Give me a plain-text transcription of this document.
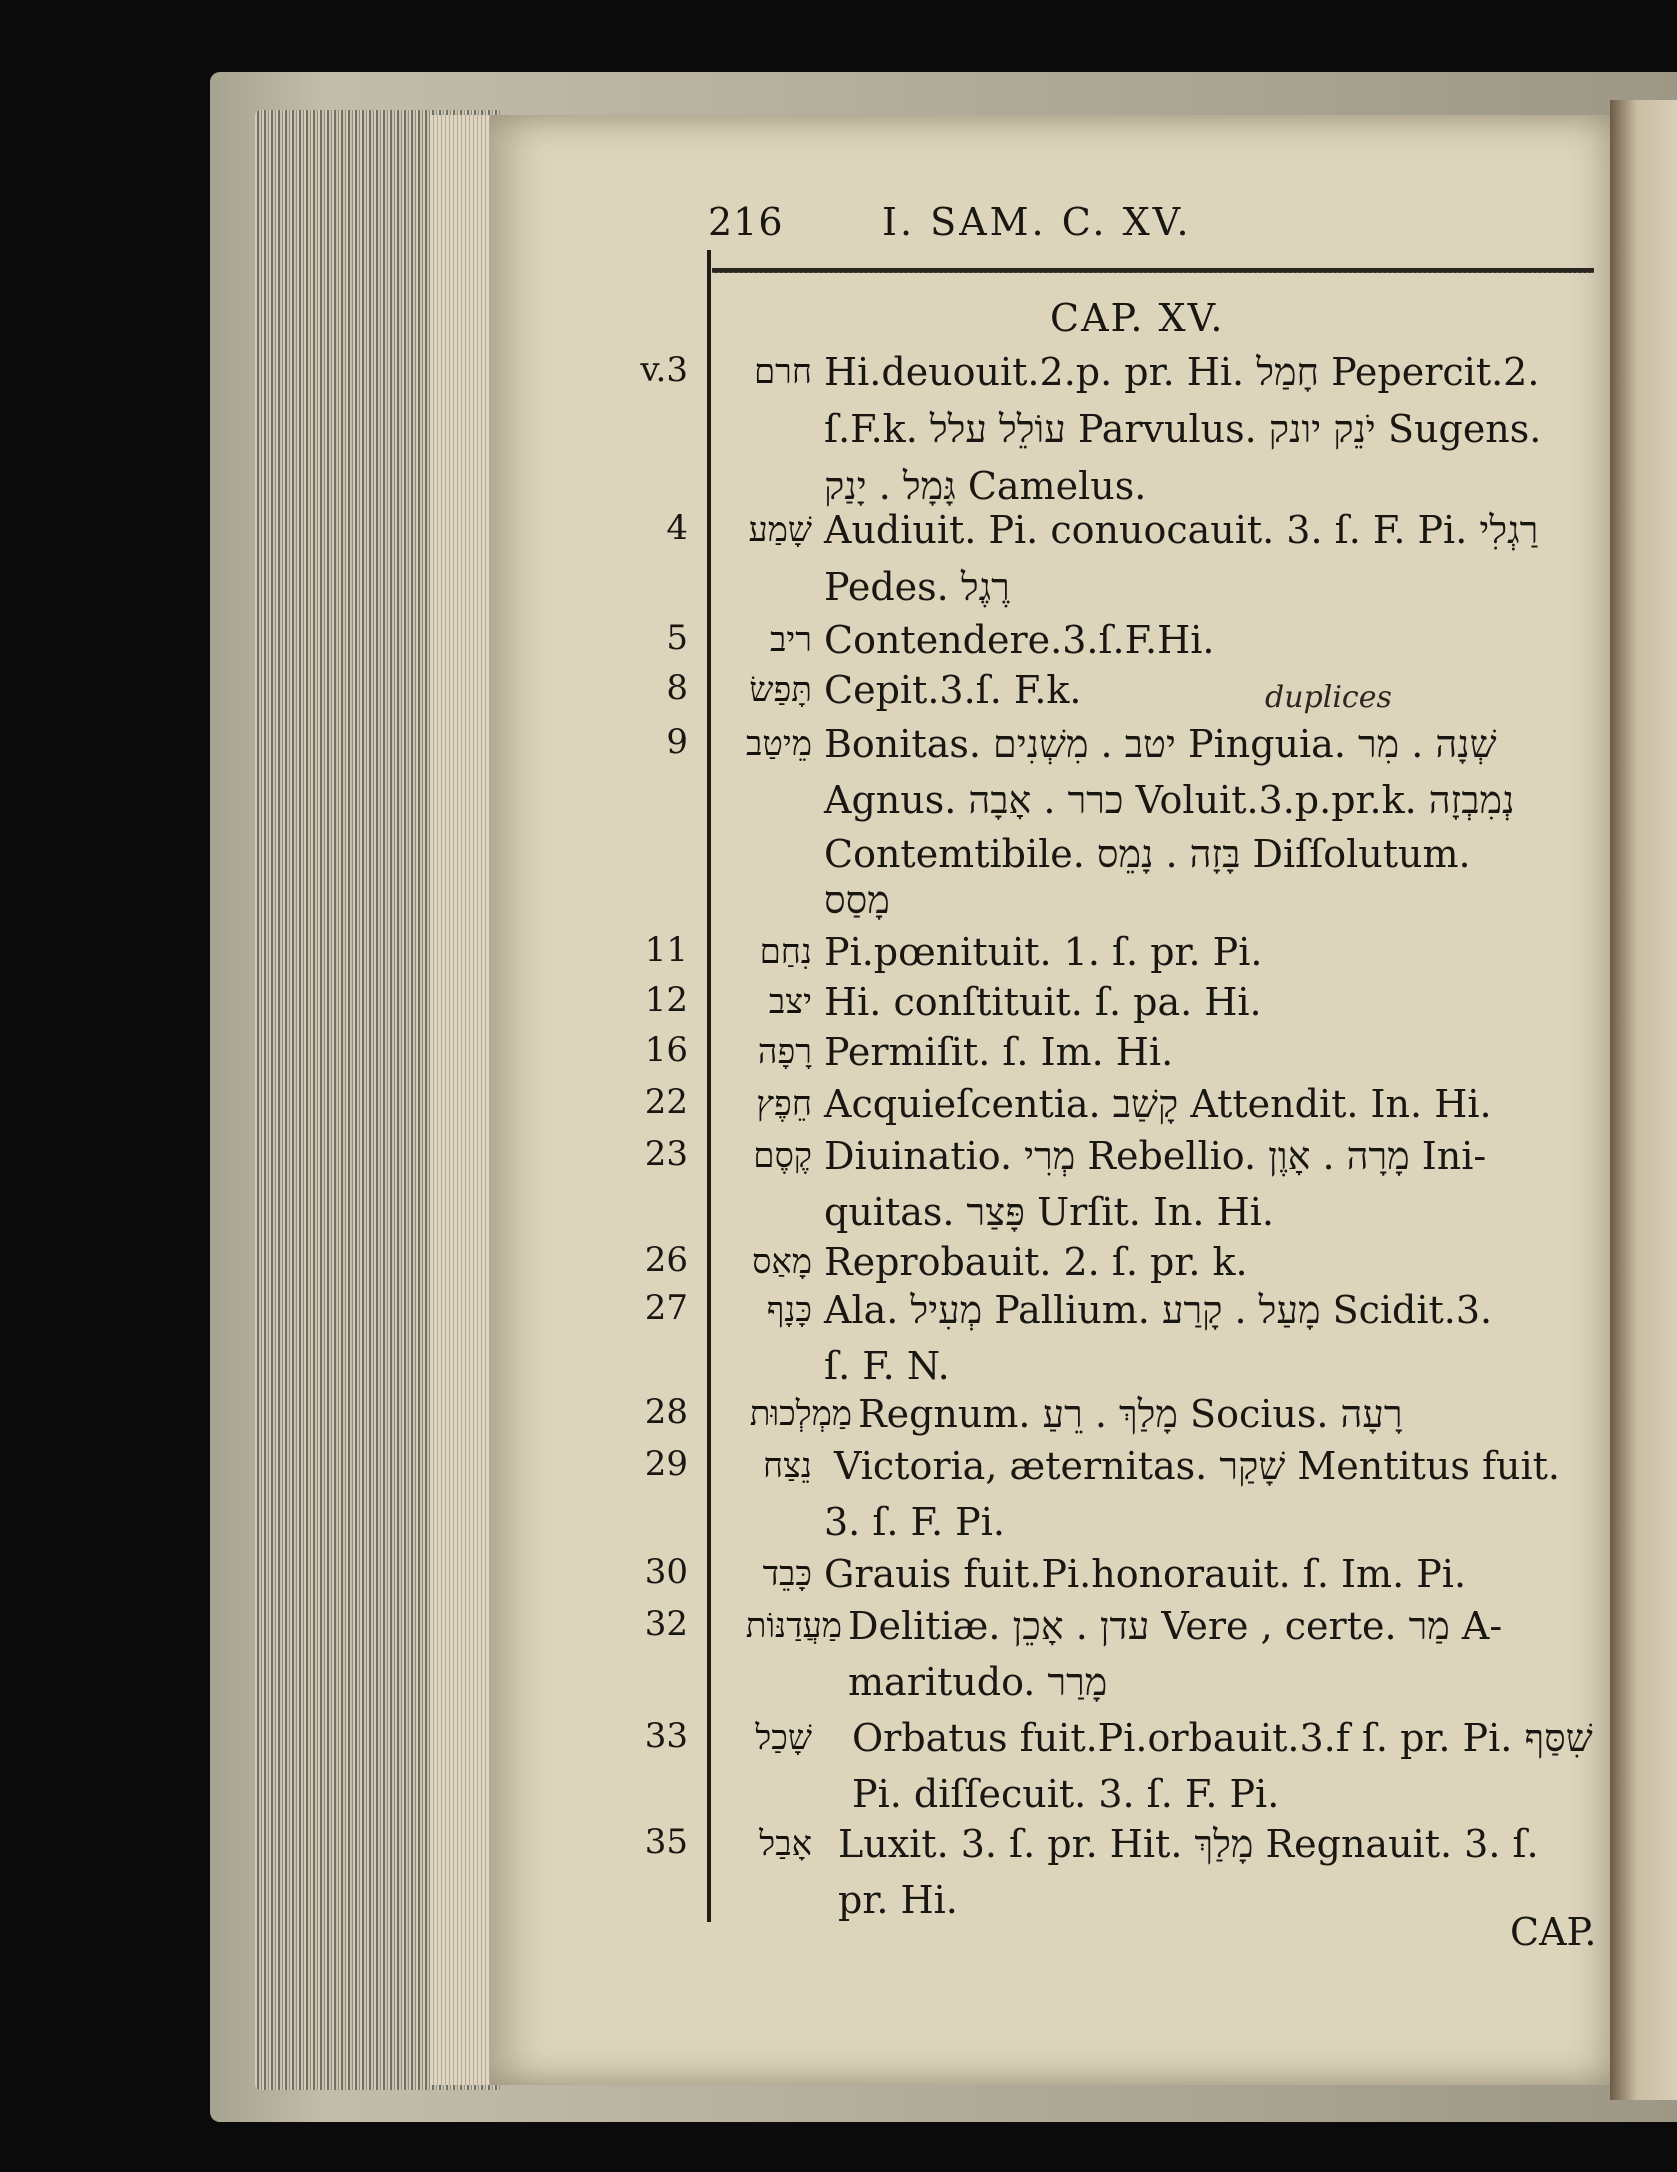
216	I. SAM. C. XV.
CAP. XV.
duplices
v.3	חרם Hi.deuouit.2.p. pr. Hi. חָמַל Pepercit.2.
ſ.F.k. עוֹלֵל עלל Parvulus. יֹנֵק יונק Sugens.
גָּמָל . יָנַק Camelus.
4	שָׁמַע Audiuit. Pi. conuocauit. 3. ſ. F. Pi. רַגְלִי
Pedes. רֶגֶל
5	ריב Contendere.3.ſ.F.Hi.
8	תָּפַשׂ Cepit.3.ſ. F.k.
9	מֵיטַב Bonitas. יטב . מִשְׁנִים Pinguia. שְׁנָה . מִר
Agnus. כרר . אָבָה Voluit.3.p.pr.k. נְמִבְזָה
Contemtibile. בָּזָה . נָמֵס Diſſolutum.
מָסַס
11	נִחַם Pi.pœnituit. 1. ſ. pr. Pi.
12	יצב Hi. conſtituit. ſ. pa. Hi.
16	רָפָה Permiſit. ſ. Im. Hi.
22	חֵפֶץ Acquieſcentia. קָשַׁב Attendit. In. Hi.
23	קֶסֶם Diuinatio. מְרִי Rebellio. מָרָה . אָוֶן Ini-
quitas. פָּצַר Urſit. In. Hi.
26	מָאַס Reprobauit. 2. ſ. pr. k.
27	כָּנָף Ala. מְעִיל Pallium. מָעַל . קָרַע Scidit.3.
ſ. F. N.
28	מַמְלְכוּת Regnum. מָלַךְ . רֵעַ Socius. רָעָה
29	נֵצַח Victoria, æternitas. שָׁקַר Mentitus fuit.
3. ſ. F. Pi.
30	כָּבֵד Grauis fuit.Pi.honorauit. ſ. Im. Pi.
32	מַעֲדַנּוֹת Delitiæ. עדן . אָכֵן Vere , certe. מַר A-
maritudo. מָרַר
33	שָׁכַל Orbatus fuit.Pi.orbauit.3.f ſ. pr. Pi. שִׁסַּף
Pi. diſſecuit. 3. ſ. F. Pi.
35	אָבַל Luxit. 3. ſ. pr. Hit. מָלַךְ Regnauit. 3. ſ.
pr. Hi.
CAP.
